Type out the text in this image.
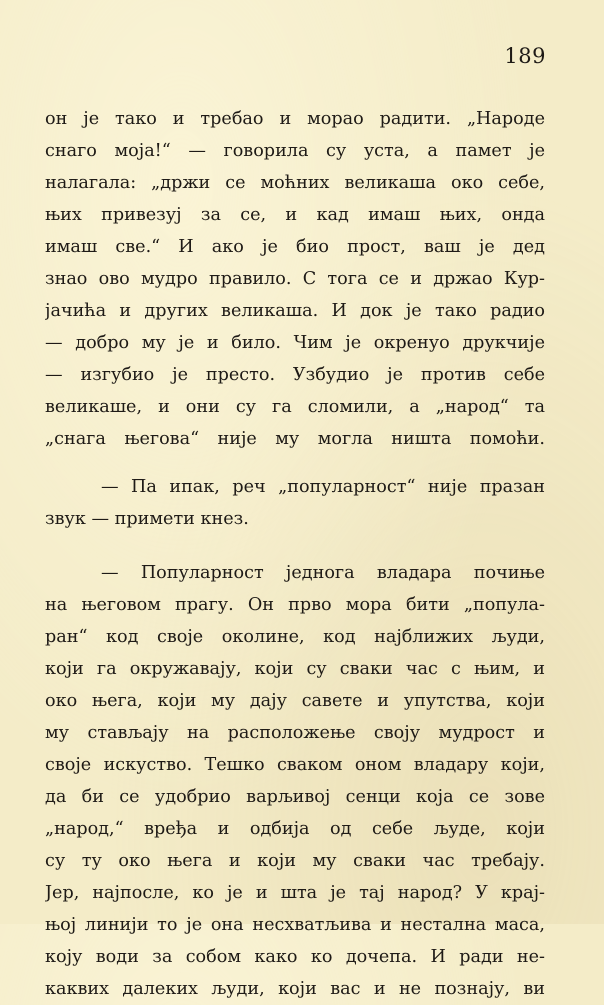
189
он је тако и требао и морао радити. „Народе
снаго моја!“ — говорила су уста, а памет је
налагала: „држи се моћних великаша око себе,
њих привезуј за се, и кад имаш њих, онда
имаш све.“ И ако је био прост, ваш је дед
знао ово мудро правило. С тога се и држао Кур-
јачића и других великаша. И док је тако радио
— добро му је и било. Чим је окренуо друкчије
— изгубио је престо. Узбудио је против себе
великаше, и они су га сломили, а „народ“ та
„снага његова“ није му могла ништа помоћи.
— Па ипак, реч „популарност“ није празан
звук — примети кнез.
— Популарност једнога владара почиње
на његовом прагу. Он прво мора бити „попула-
ран“ код своје околине, код најближих људи,
који га окружавају, који су сваки час с њим, и
око њега, који му дају савете и упутства, који
му стављају на расположење своју мудрост и
своје искуство. Тешко сваком оном владару који,
да би се удобрио варљивој сенци која се зове
„народ,“ вређа и одбија од себе људе, који
су ту око њега и који му сваки час требају.
Јер, најпосле, ко је и шта је тај народ? У крај-
њој линији то је она несхватљива и нестална маса,
коју води за собом како ко дочепа. И ради не-
каквих далеких људи, који вас и не познају, ви
